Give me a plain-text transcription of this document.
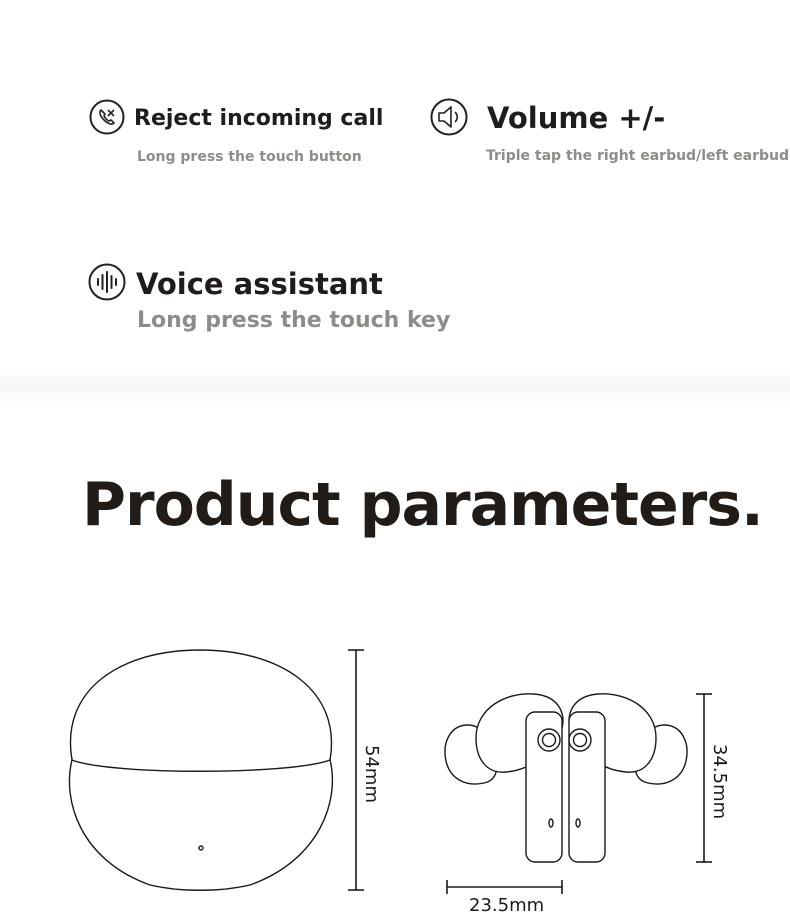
Reject incoming call
Long press the touch button
Volume +/-
Triple tap the right earbud/left earbud
Voice assistant
Long press the touch key
Product parameters.
54mm	34.5mm
23.5mm
